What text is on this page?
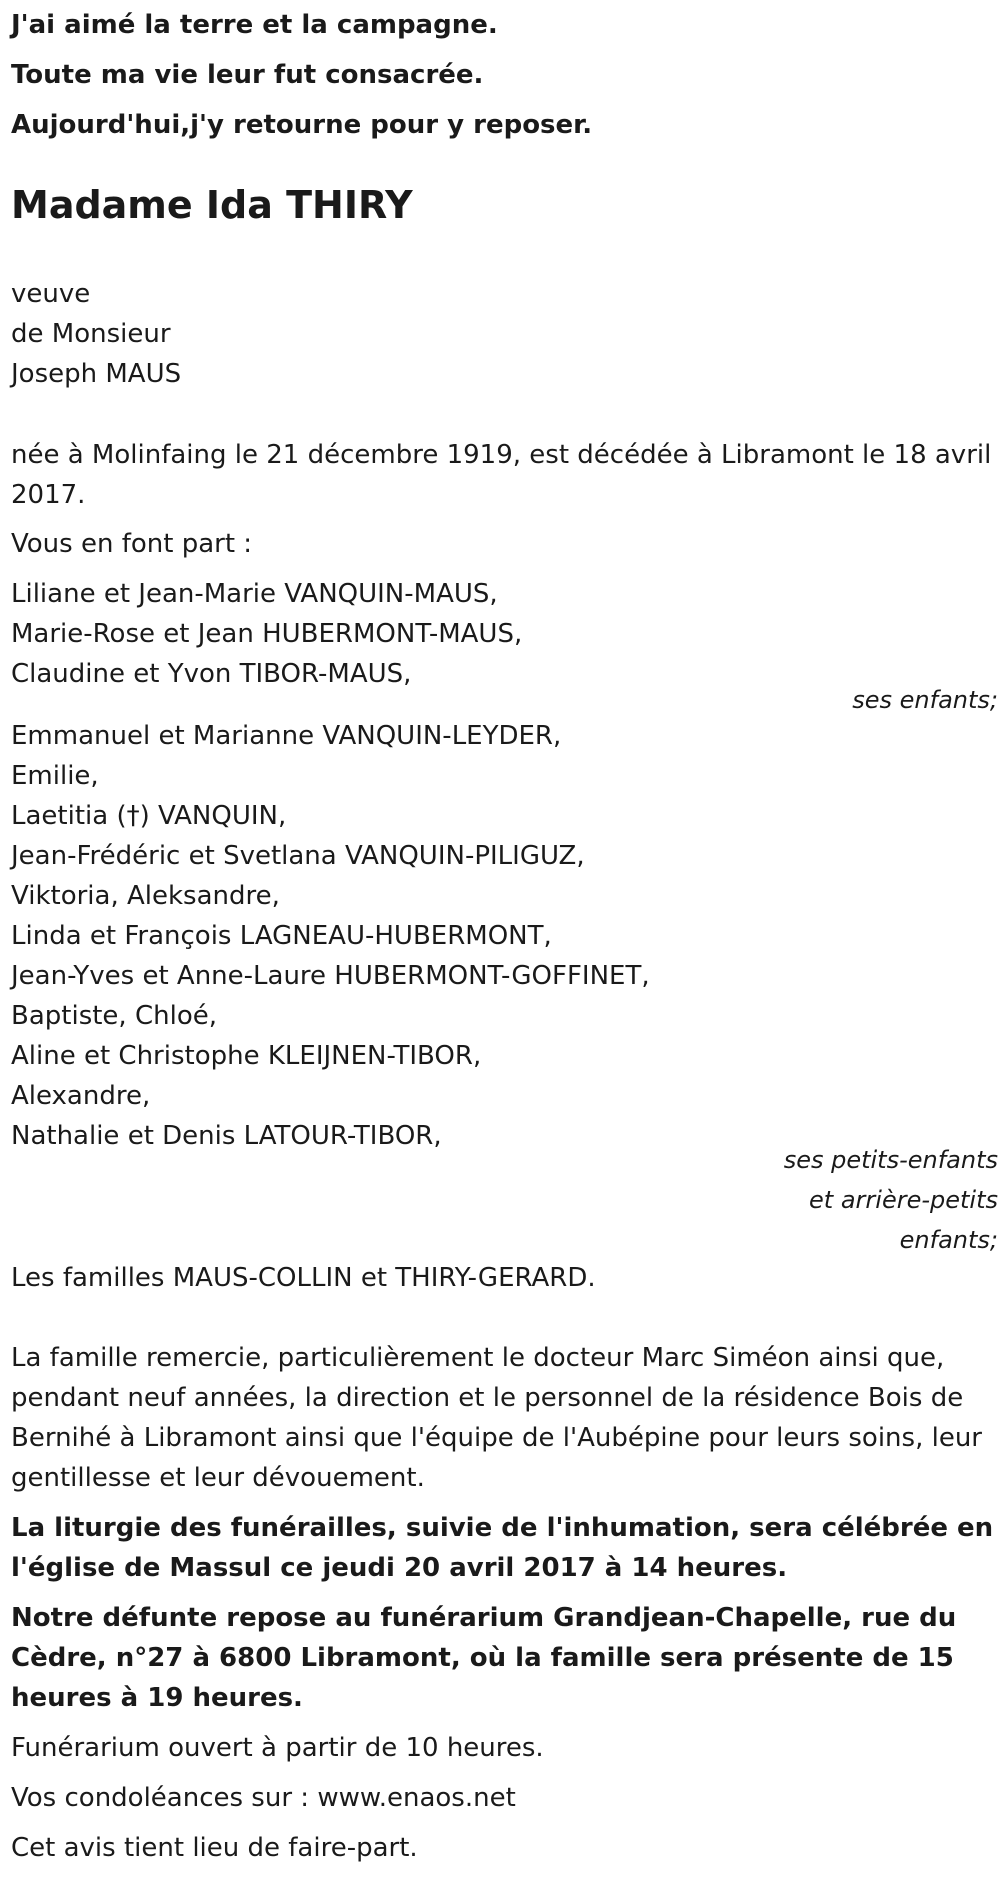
J'ai aimé la terre et la campagne.
Toute ma vie leur fut consacrée.
Aujourd'hui,j'y retourne pour y reposer.
Madame Ida THIRY
veuve
de Monsieur
Joseph MAUS
née à Molinfaing le 21 décembre 1919, est décédée à Libramont le 18 avril 2017.
Vous en font part :
Liliane et Jean-Marie VANQUIN-MAUS,
Marie-Rose et Jean HUBERMONT-MAUS,
Claudine et Yvon TIBOR-MAUS,
ses enfants;
Emmanuel et Marianne VANQUIN-LEYDER,
Emilie,
Laetitia (†) VANQUIN,
Jean-Frédéric et Svetlana VANQUIN-PILIGUZ,
Viktoria, Aleksandre,
Linda et François LAGNEAU-HUBERMONT,
Jean-Yves et Anne-Laure HUBERMONT-GOFFINET,
Baptiste, Chloé,
Aline et Christophe KLEIJNEN-TIBOR,
Alexandre,
Nathalie et Denis LATOUR-TIBOR,
ses petits-enfants
et arrière-petits
enfants;
Les familles MAUS-COLLIN et THIRY-GERARD.
La famille remercie, particulièrement le docteur Marc Siméon ainsi que, pendant neuf années, la direction et le personnel de la résidence Bois de Bernihé à Libramont ainsi que l'équipe de l'Aubépine pour leurs soins, leur gentillesse et leur dévouement.
La liturgie des funérailles, suivie de l'inhumation, sera célébrée en l'église de Massul ce jeudi 20 avril 2017 à 14 heures.
Notre défunte repose au funérarium Grandjean-Chapelle, rue du Cèdre, n°27 à 6800 Libramont, où la famille sera présente de 15 heures à 19 heures.
Funérarium ouvert à partir de 10 heures.
Vos condoléances sur : www.enaos.net
Cet avis tient lieu de faire-part.
